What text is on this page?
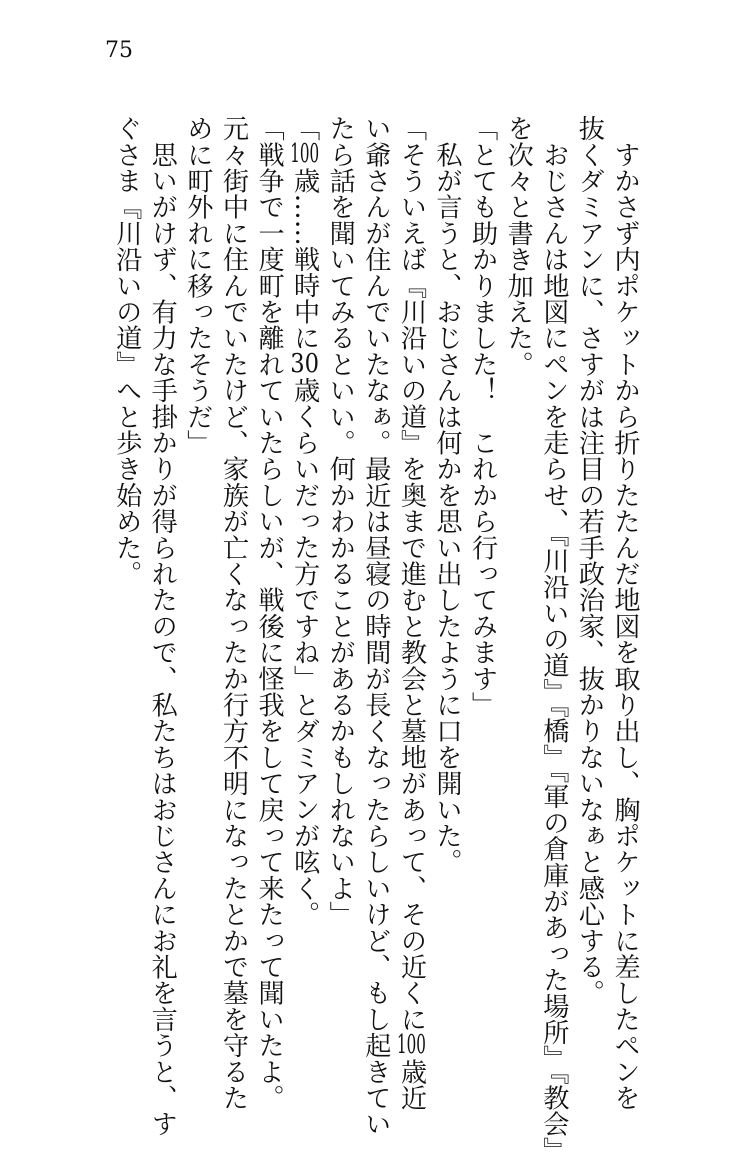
75
　すかさず内ポケットから折りたたんだ地図を取り出し、胸ポケットに差したペンを
抜くダミアンに、さすがは注目の若手政治家、抜かりないなぁと感心する。
　おじさんは地図にペンを走らせ、『川沿いの道』『橋』『軍の倉庫があった場所』『教会』
を次々と書き加えた。
「とても助かりました！　これから行ってみます」
　私が言うと、おじさんは何かを思い出したように口を開いた。
「そういえば『川沿いの道』を奥まで進むと教会と墓地があって、その近くに100歳近
い爺さんが住んでいたなぁ。最近は昼寝の時間が長くなったらしいけど、もし起きてい
たら話を聞いてみるといい。何かわかることがあるかもしれないよ」
「100歳……戦時中に30歳くらいだった方ですね」とダミアンが呟く。
「戦争で一度町を離れていたらしいが、戦後に怪我をして戻って来たって聞いたよ。
元々街中に住んでいたけど、家族が亡くなったか行方不明になったとかで墓を守るた
めに町外れに移ったそうだ」
　思いがけず、有力な手掛かりが得られたので、私たちはおじさんにお礼を言うと、す
ぐさま『川沿いの道』へと歩き始めた。
